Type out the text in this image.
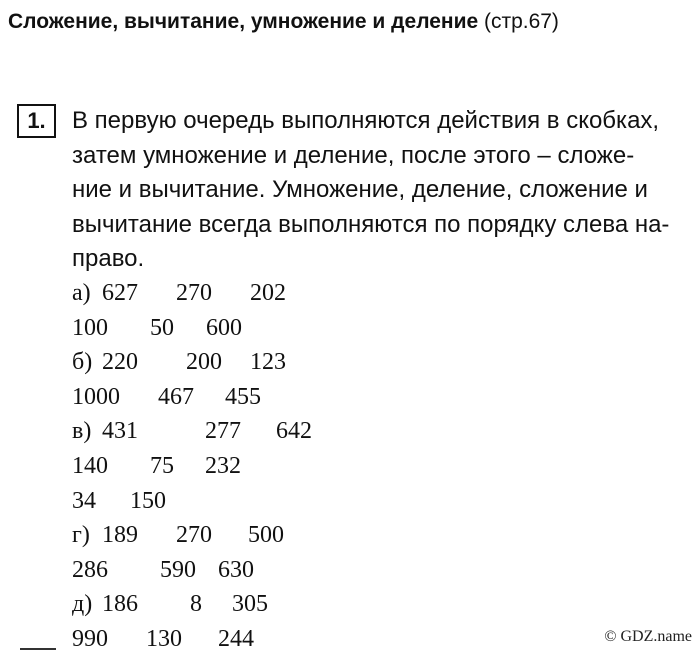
Сложение, вычитание, умножение и деление (стр.67)
1.	В первую очередь выполняются действия в скобках,
затем умножение и деление, после этого – сложе-
ние и вычитание. Умножение, деление, сложение и
вычитание всегда выполняются по порядку слева на-
право.
а) 627 270 202
100 50 600
б) 220 200 123
1000 467 455
в) 431	277 642
140 75 232
34 150
г) 189 270 500
286 590 630
д) 186 8 305
990 130 244	© GDZ.name
